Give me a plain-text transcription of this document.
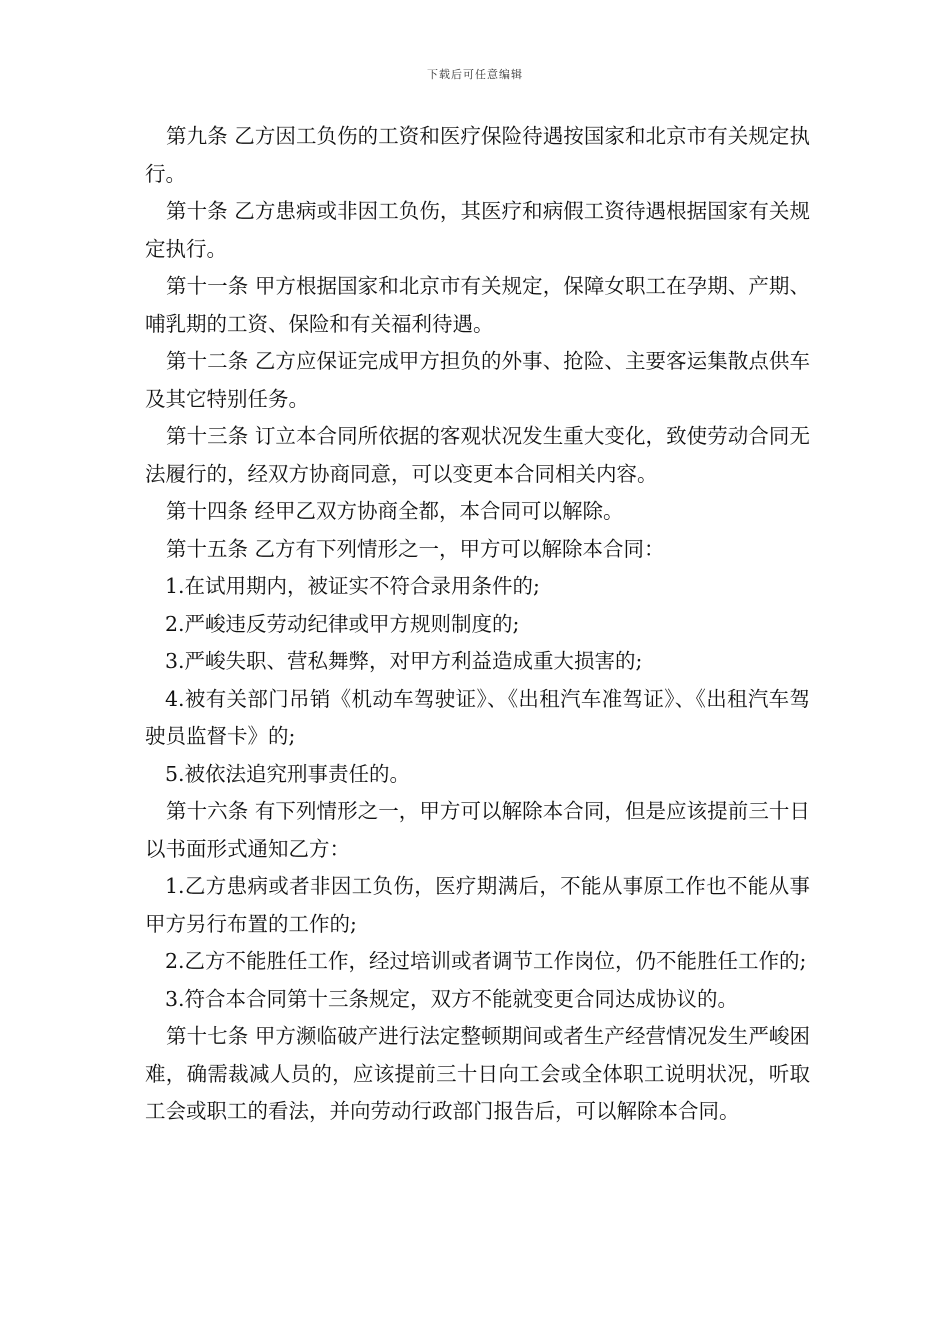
下载后可任意编辑

第九条 乙方因工负伤的工资和医疗保险待遇按国家和北京市有关规定执行。

第十条 乙方患病或非因工负伤，其医疗和病假工资待遇根据国家有关规定执行。

第十一条 甲方根据国家和北京市有关规定，保障女职工在孕期、产期、哺乳期的工资、保险和有关福利待遇。

第十二条 乙方应保证完成甲方担负的外事、抢险、主要客运集散点供车及其它特别任务。

第十三条 订立本合同所依据的客观状况发生重大变化，致使劳动合同无法履行的，经双方协商同意，可以变更本合同相关内容。

第十四条 经甲乙双方协商全都，本合同可以解除。

第十五条 乙方有下列情形之一，甲方可以解除本合同：

1.在试用期内，被证实不符合录用条件的;

2.严峻违反劳动纪律或甲方规则制度的;

3.严峻失职、营私舞弊，对甲方利益造成重大损害的;

4.被有关部门吊销《机动车驾驶证》、《出租汽车准驾证》、《出租汽车驾驶员监督卡》的;

5.被依法追究刑事责任的。

第十六条 有下列情形之一，甲方可以解除本合同，但是应该提前三十日以书面形式通知乙方：

1.乙方患病或者非因工负伤，医疗期满后，不能从事原工作也不能从事甲方另行布置的工作的;

2.乙方不能胜任工作，经过培训或者调节工作岗位，仍不能胜任工作的;

3.符合本合同第十三条规定，双方不能就变更合同达成协议的。

第十七条 甲方濒临破产进行法定整顿期间或者生产经营情况发生严峻困难，确需裁减人员的，应该提前三十日向工会或全体职工说明状况，听取工会或职工的看法，并向劳动行政部门报告后，可以解除本合同。
